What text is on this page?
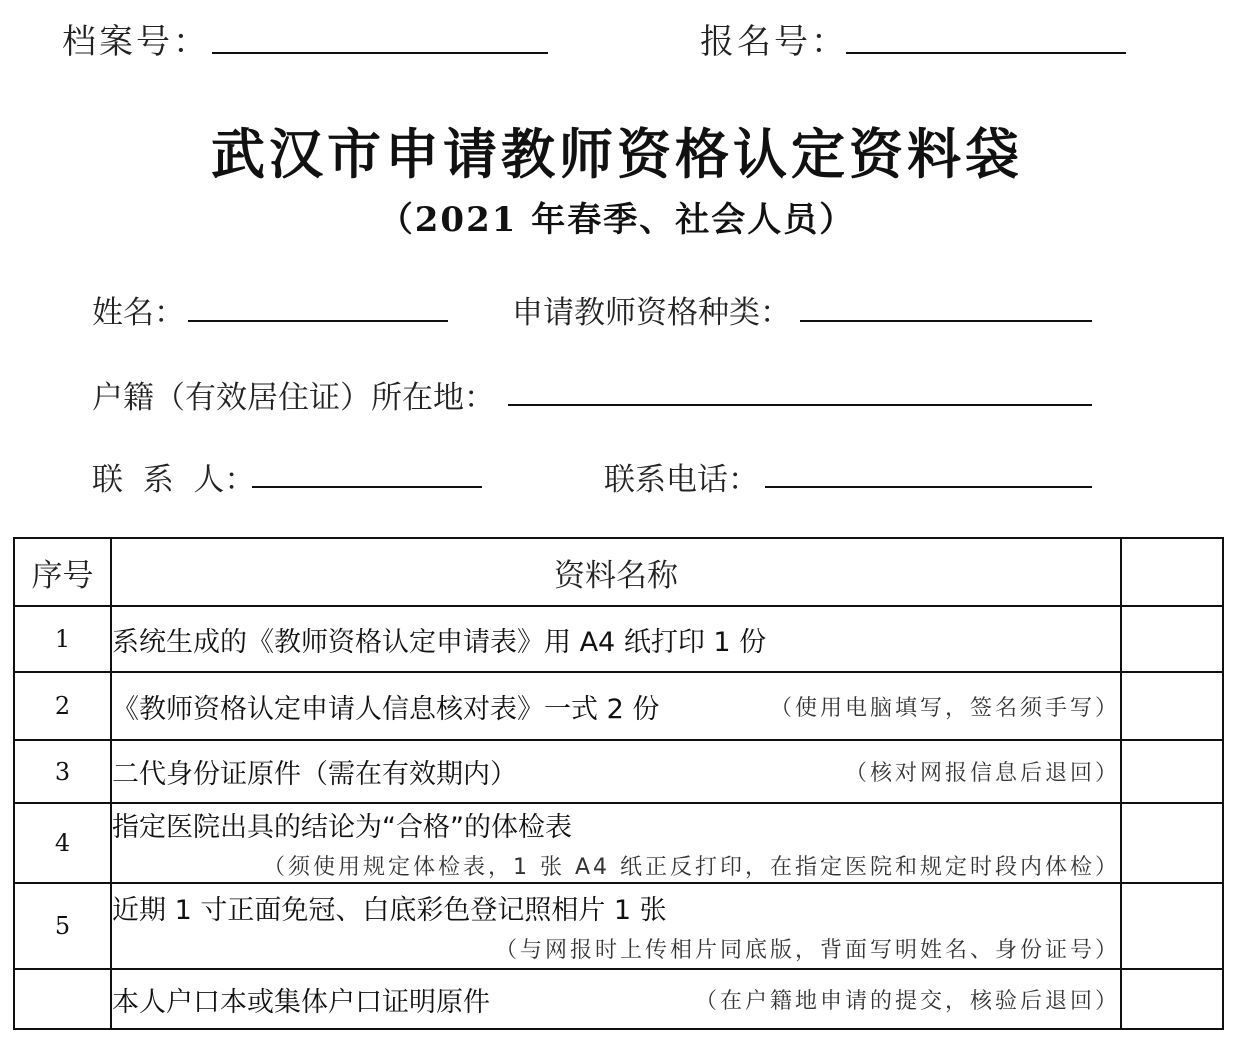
档案号：	报名号：
武汉市申请教师资格认定资料袋
（2021 年春季、社会人员）
姓名：	申请教师资格种类：
户籍（有效居住证）所在地：
联  系  人：	联系电话：
序号	资料名称	
1	系统生成的《教师资格认定申请表》用 A4 纸打印 1 份	
2	《教师资格认定申请人信息核对表》一式 2 份 （使用电脑填写，签名须手写）	

3	二代身份证原件（需在有效期内） （核对网报信息后退回）	

4	指定医院出具的结论为“合格”的体检表
（须使用规定体检表，1 张 A4 纸正反打印，在指定医院和规定时段内体检）	

5	近期 1 寸正面免冠、白底彩色登记照相片 1 张
（与网报时上传相片同底版，背面写明姓名、身份证号）	

	本人户口本或集体户口证明原件 （在户籍地申请的提交，核验后退回）	
